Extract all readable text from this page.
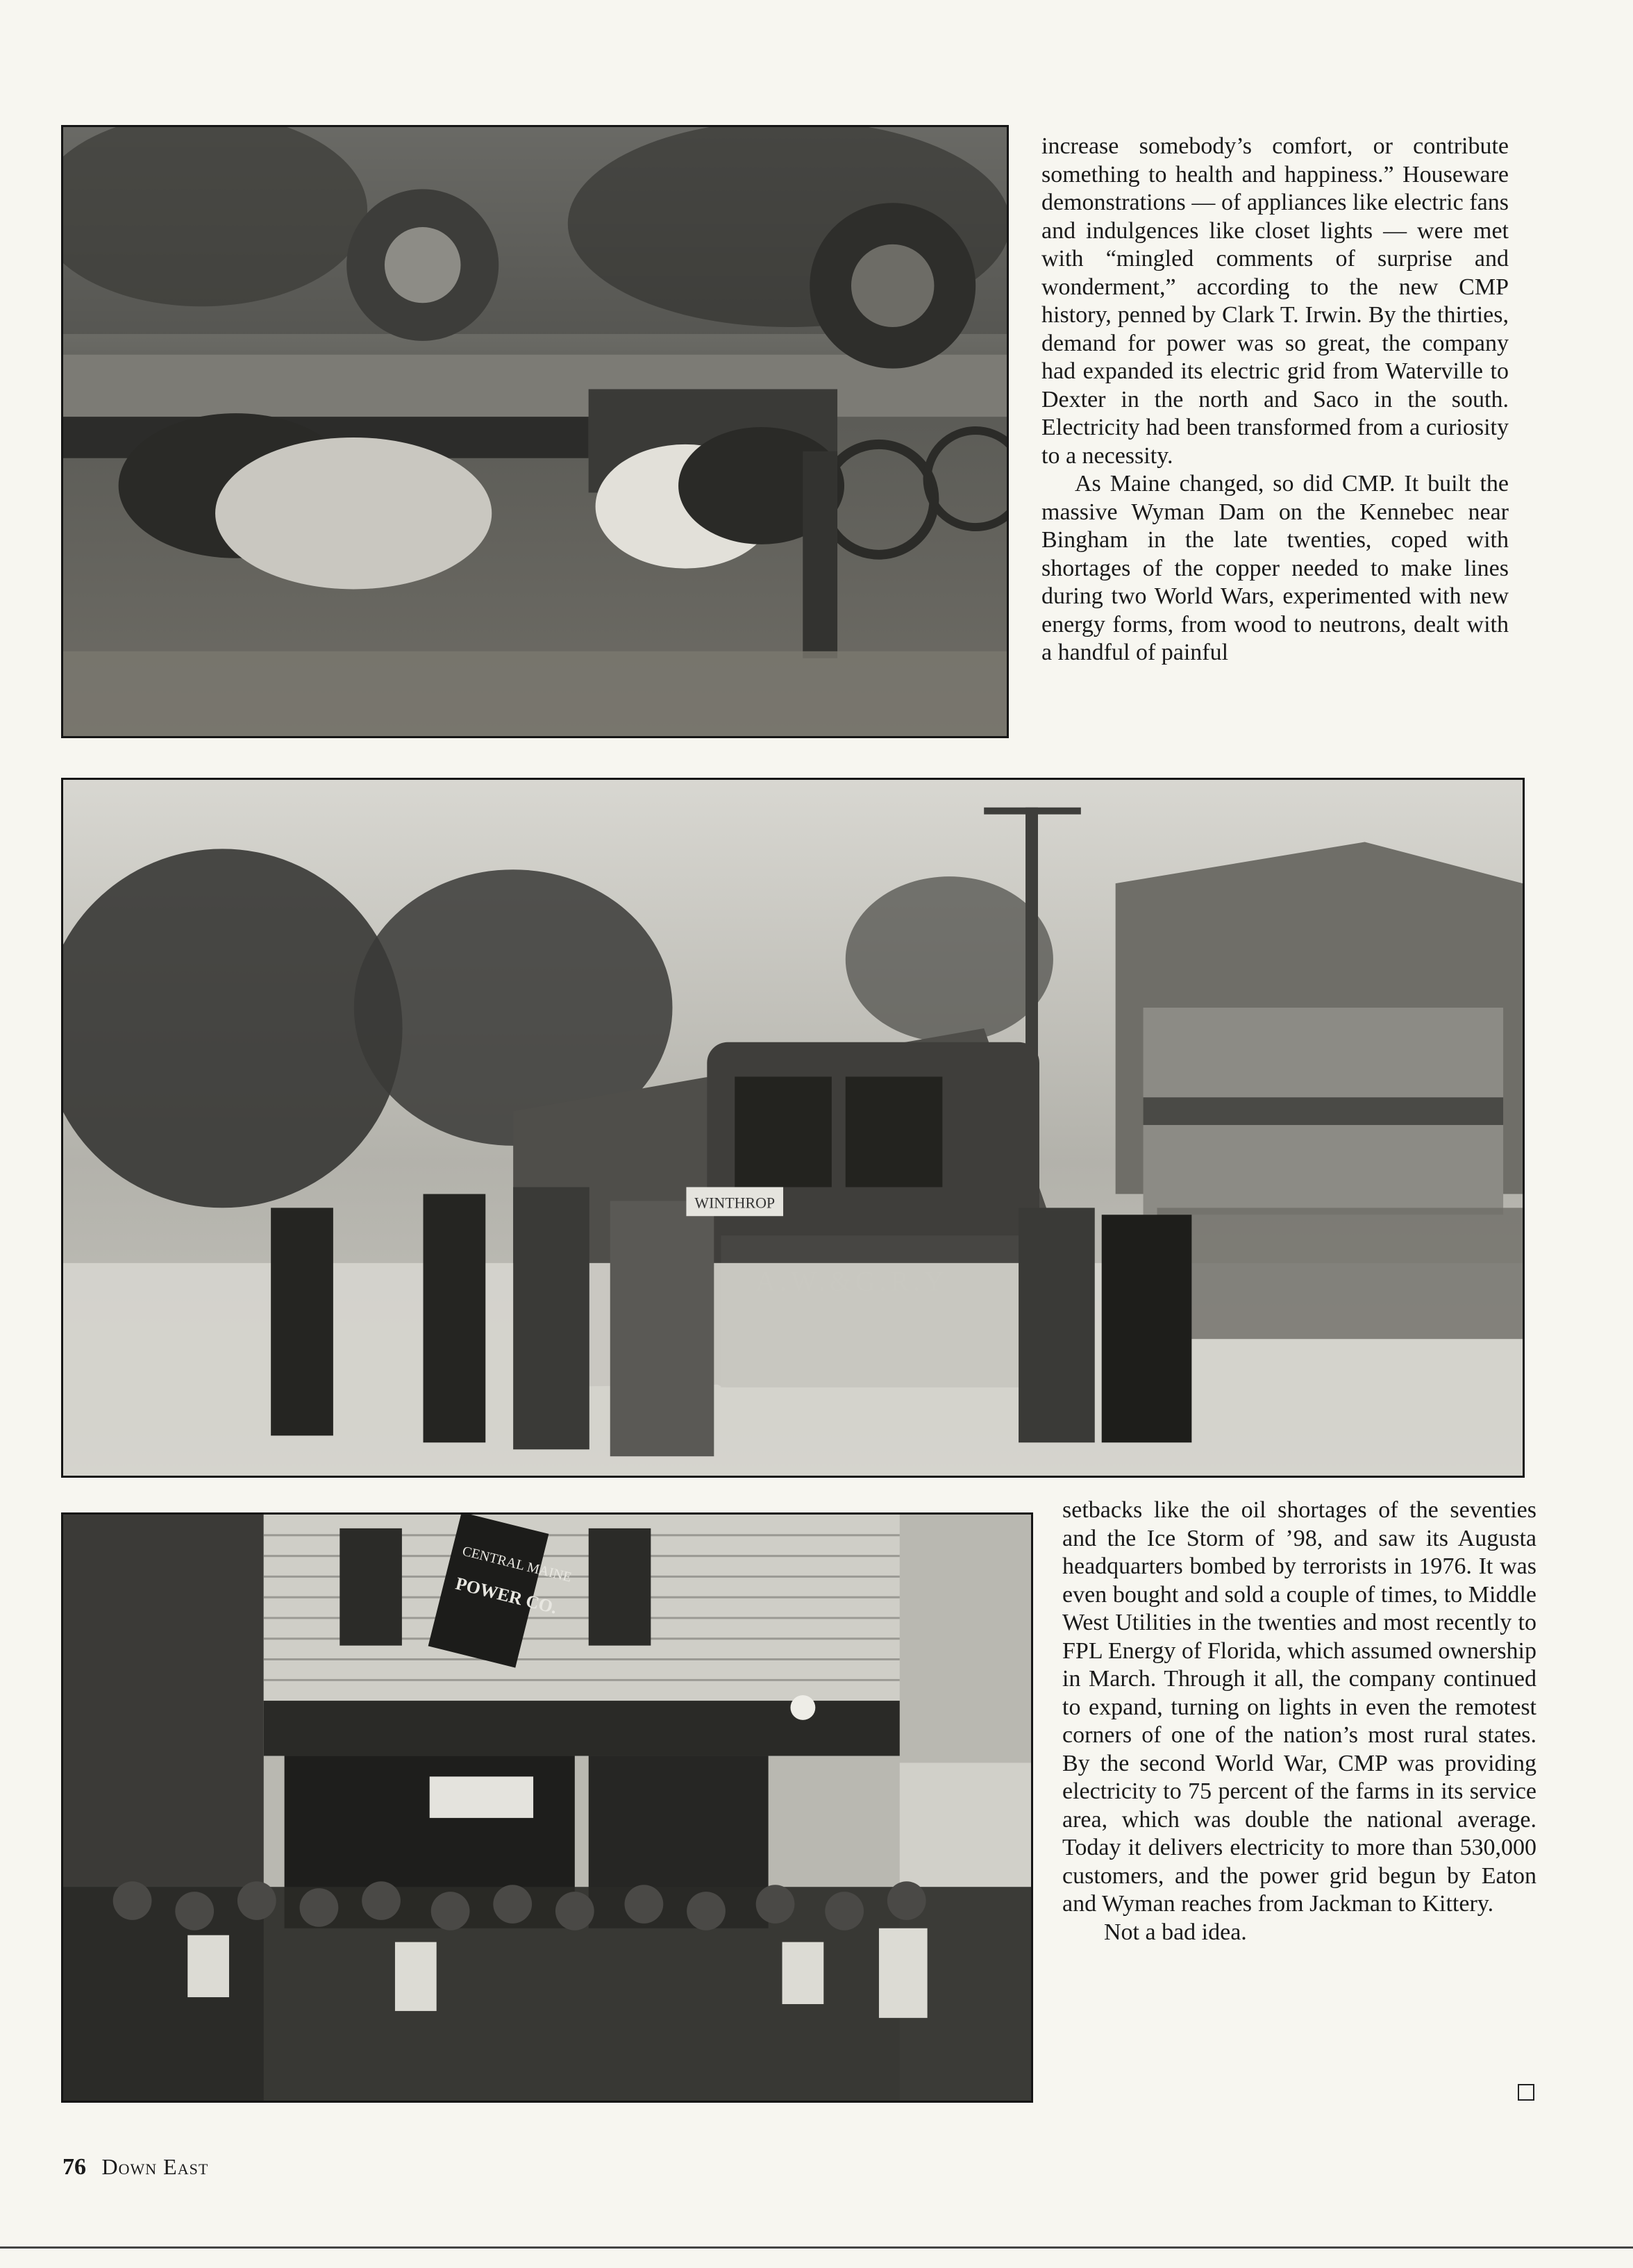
increase somebody’s comfort, or contribute something to health and happiness.” Houseware demonstrations — of appliances like electric fans and indulgences like closet lights — were met with “mingled comments of surprise and wonderment,” according to the new CMP history, penned by Clark T. Irwin. By the thirties, demand for power was so great, the company had expanded its electric grid from Waterville to Dexter in the north and Saco in the south. Electricity had been transformed from a curiosity to a necessity.

As Maine changed, so did CMP. It built the massive Wyman Dam on the Kennebec near Bingham in the late twenties, coped with shortages of the copper needed to make lines during two World Wars, experimented with new energy forms, from wood to neutrons, dealt with a handful of painful

A.W.&G.R.Y
WINTHROP
CENTRAL MAINE
POWER CO.

setbacks like the oil shortages of the seventies and the Ice Storm of ’98, and saw its Augusta headquarters bombed by terrorists in 1976. It was even bought and sold a couple of times, to Middle West Utilities in the twenties and most recently to FPL Energy of Florida, which assumed ownership in March. Through it all, the company continued to expand, turning on lights in even the remotest corners of one of the nation’s most rural states. By the second World War, CMP was providing electricity to 75 percent of the farms in its service area, which was double the national average. Today it delivers electricity to more than 530,000 customers, and the power grid begun by Eaton and Wyman reaches from Jackman to Kittery.

Not a bad idea.

76 Down East
